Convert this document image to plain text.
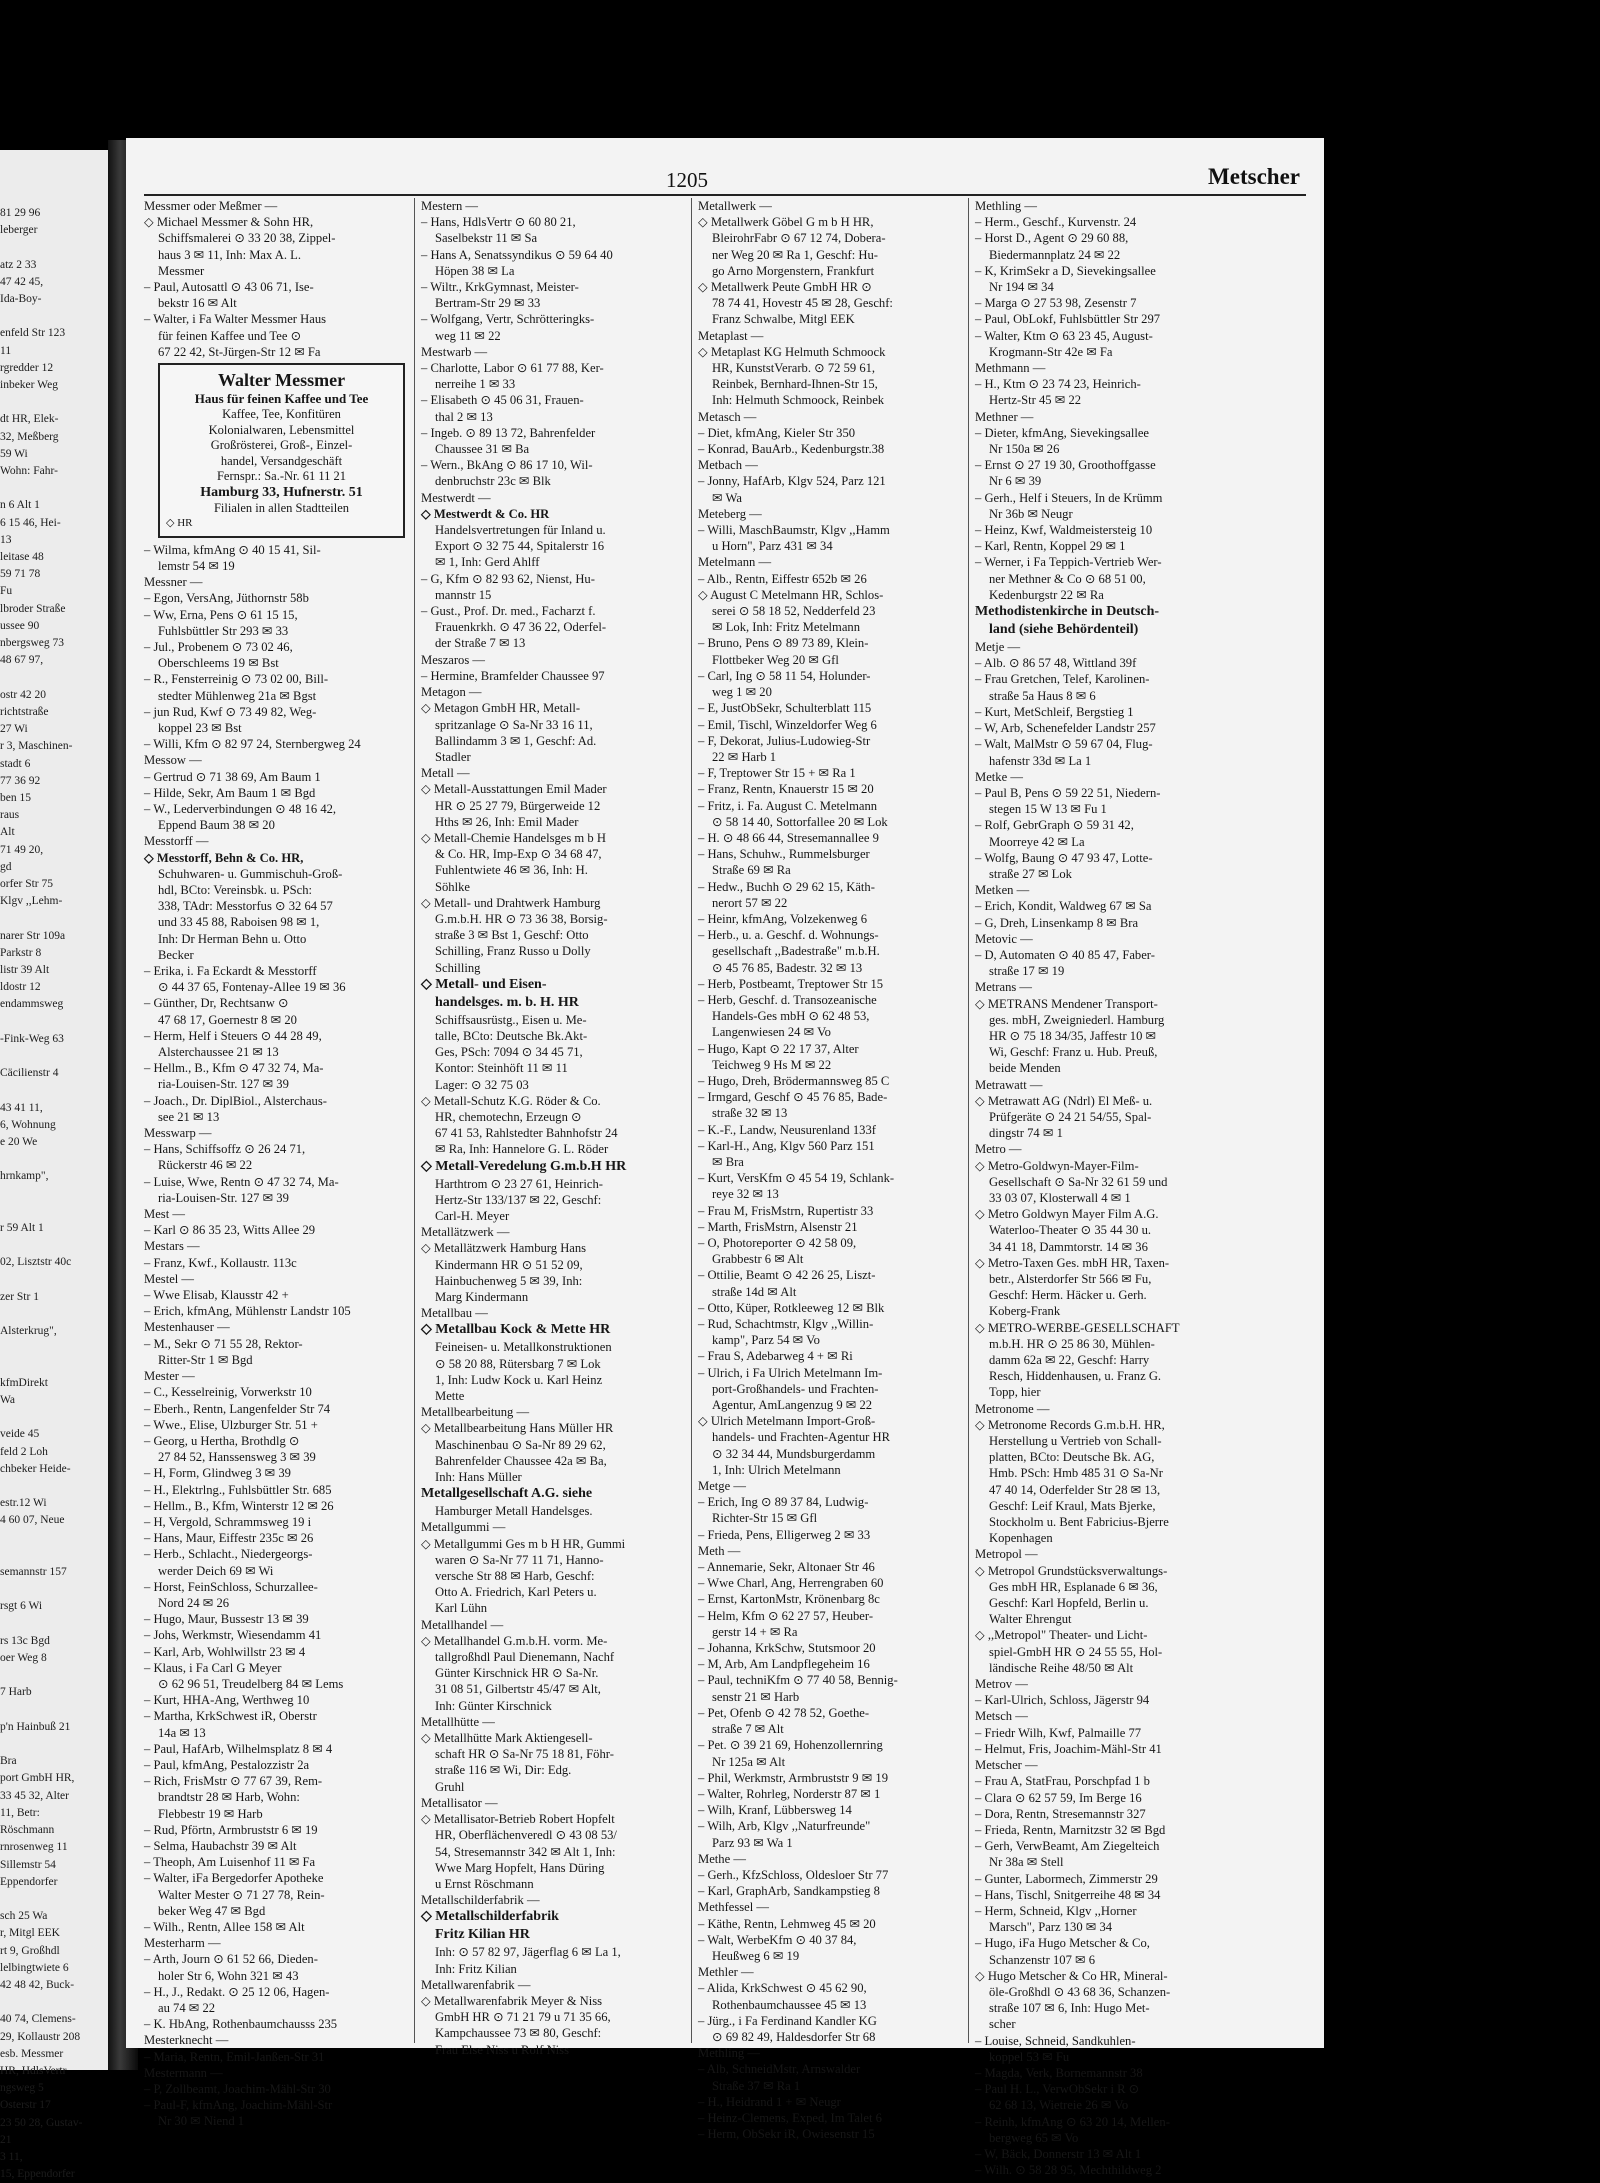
81 29 96
leberger

atz 2 33
47 42 45,
Ida-Boy-

enfeld Str 123
11
rgredder 12
inbeker Weg

dt HR, Elek-
32, Meßberg
59 Wi
Wohn: Fahr-

n 6 Alt 1
6 15 46, Hei-
13
leitase 48
59 71 78
Fu
lbroder Straße
ussee 90
nbergsweg 73
48 67 97,

ostr 42 20
richtstraße
27 Wi
r 3, Maschinen-
stadt 6
77 36 92
ben 15
raus
Alt
71 49 20,
gd
orfer Str 75
Klgv ,,Lehm-

narer Str 109a
Parkstr 8
listr 39 Alt
ldostr 12
endammsweg

-Fink-Weg 63

Cäcilienstr 4

43 41 11,
6, Wohnung
e 20 We

hrnkamp",

r 59 Alt 1

02, Lisztstr 40c

zer Str 1

Alsterkrug",

kfmDirekt
Wa

veide 45
feld 2 Loh
chbeker Heide-

estr.12 Wi
4 60 07, Neue

semannstr 157

rsgt 6 Wi

rs 13c Bgd
oer Weg 8

7 Harb

p'n Hainbuß 21

Bra
port GmbH HR,
33 45 32, Alter
11, Betr:
Röschmann
rnrosenweg 11
Sillemstr 54
Eppendorfer

sch 25 Wa
r, Mitgl EEK
rt 9, Großhdl
lelbingtwiete 6
42 48 42, Buck-

40 74, Clemens-
29, Kollaustr 208
esb. Messmer
HR, HdlsVertr
ngsweg 5
Osterstr 17
23 50 28, Gustav-
21
3 11,
15, Eppendorfer
1205	Metscher
Messmer oder Meßmer —
◇ Michael Messmer & Sohn HR,
Schiffsmalerei ⊙ 33 20 38, Zippel-
haus 3 ✉ 11, Inh: Max A. L.
Messmer
– Paul, Autosattl ⊙ 43 06 71, Ise-
bekstr 16 ✉ Alt
– Walter, i Fa Walter Messmer Haus
für feinen Kaffee und Tee ⊙
67 22 42, St-Jürgen-Str 12 ✉ Fa
Walter Messmer
Haus für feinen Kaffee und Tee
Kaffee, Tee, Konfitüren
Kolonialwaren, Lebensmittel
Großrösterei, Groß-, Einzel-
handel, Versandgeschäft
Fernspr.: Sa.-Nr. 61 11 21
Hamburg 33, Hufnerstr. 51
Filialen in allen Stadtteilen
◇ HR
– Wilma, kfmAng ⊙ 40 15 41, Sil-
lemstr 54 ✉ 19
Messner —
– Egon, VersAng, Jüthornstr 58b
– Ww, Erna, Pens ⊙ 61 15 15,
Fuhlsbüttler Str 293 ✉ 33
– Jul., Probenem ⊙ 73 02 46,
Oberschleems 19 ✉ Bst
– R., Fensterreinig ⊙ 73 02 00, Bill-
stedter Mühlenweg 21a ✉ Bgst
– jun Rud, Kwf ⊙ 73 49 82, Weg-
koppel 23 ✉ Bst
– Willi, Kfm ⊙ 82 97 24, Sternbergweg 24
Messow —
– Gertrud ⊙ 71 38 69, Am Baum 1
– Hilde, Sekr, Am Baum 1 ✉ Bgd
– W., Lederverbindungen ⊙ 48 16 42,
Eppend Baum 38 ✉ 20
Messtorff —
◇ Messtorff, Behn & Co. HR,
Schuhwaren- u. Gummischuh-Groß-
hdl, BCto: Vereinsbk. u. PSch:
338, TAdr: Messtorfus ⊙ 32 64 57
und 33 45 88, Raboisen 98 ✉ 1,
Inh: Dr Herman Behn u. Otto
Becker
– Erika, i. Fa Eckardt & Messtorff
⊙ 44 37 65, Fontenay-Allee 19 ✉ 36
– Günther, Dr, Rechtsanw ⊙
47 68 17, Goernestr 8 ✉ 20
– Herm, Helf i Steuers ⊙ 44 28 49,
Alsterchaussee 21 ✉ 13
– Hellm., B., Kfm ⊙ 47 32 74, Ma-
ria-Louisen-Str. 127 ✉ 39
– Joach., Dr. DiplBiol., Alsterchaus-
see 21 ✉ 13
Messwarp —
– Hans, Schiffsoffz ⊙ 26 24 71,
Rückerstr 46 ✉ 22
– Luise, Wwe, Rentn ⊙ 47 32 74, Ma-
ria-Louisen-Str. 127 ✉ 39
Mest —
– Karl ⊙ 86 35 23, Witts Allee 29
Mestars —
– Franz, Kwf., Kollaustr. 113c
Mestel —
– Wwe Elisab, Klausstr 42 +
– Erich, kfmAng, Mühlenstr Landstr 105
Mestenhauser —
– M., Sekr ⊙ 71 55 28, Rektor-
Ritter-Str 1 ✉ Bgd
Mester —
– C., Kesselreinig, Vorwerkstr 10
– Eberh., Rentn, Langenfelder Str 74
– Wwe., Elise, Ulzburger Str. 51 +
– Georg, u Hertha, Brothdlg ⊙
27 84 52, Hanssensweg 3 ✉ 39
– H, Form, Glindweg 3 ✉ 39
– H., Elektrlng., Fuhlsbüttler Str. 685
– Hellm., B., Kfm, Winterstr 12 ✉ 26
– H, Vergold, Schrammsweg 19 i
– Hans, Maur, Eiffestr 235c ✉ 26
– Herb., Schlacht., Niedergeorgs-
werder Deich 69 ✉ Wi
– Horst, FeinSchloss, Schurzallee-
Nord 24 ✉ 26
– Hugo, Maur, Bussestr 13 ✉ 39
– Johs, Werkmstr, Wiesendamm 41
– Karl, Arb, Wohlwillstr 23 ✉ 4
– Klaus, i Fa Carl G Meyer
⊙ 62 96 51, Treudelberg 84 ✉ Lems
– Kurt, HHA-Ang, Werthweg 10
– Martha, KrkSchwest iR, Oberstr
14a ✉ 13
– Paul, HafArb, Wilhelmsplatz 8 ✉ 4
– Paul, kfmAng, Pestalozzistr 2a
– Rich, FrisMstr ⊙ 77 67 39, Rem-
brandtstr 28 ✉ Harb, Wohn:
Flebbestr 19 ✉ Harb
– Rud, Pförtn, Armbruststr 6 ✉ 19
– Selma, Haubachstr 39 ✉ Alt
– Theoph, Am Luisenhof 11 ✉ Fa
– Walter, iFa Bergedorfer Apotheke
Walter Mester ⊙ 71 27 78, Rein-
beker Weg 47 ✉ Bgd
– Wilh., Rentn, Allee 158 ✉ Alt
Mesterharm —
– Arth, Journ ⊙ 61 52 66, Dieden-
holer Str 6, Wohn 321 ✉ 43
– H., J., Redakt. ⊙ 25 12 06, Hagen-
au 74 ✉ 22
– K. HbAng, Rothenbaumchausss 235
Mesterknecht —
– Maria, Rentn, Emil-Janßen-Str 31
Mestermann —
– P, Zollbeamt, Joachim-Mähl-Str 30
– Paul-F, kfmAng, Joachim-Mähl-Str
Nr 30 ✉ Niend 1
Mestern —
– Hans, HdlsVertr ⊙ 60 80 21,
Saselbekstr 11 ✉ Sa
– Hans A, Senatssyndikus ⊙ 59 64 40
Höpen 38 ✉ La
– Wiltr., KrkGymnast, Meister-
Bertram-Str 29 ✉ 33
– Wolfgang, Vertr, Schrötteringks-
weg 11 ✉ 22
Mestwarb —
– Charlotte, Labor ⊙ 61 77 88, Ker-
nerreihe 1 ✉ 33
– Elisabeth ⊙ 45 06 31, Frauen-
thal 2 ✉ 13
– Ingeb. ⊙ 89 13 72, Bahrenfelder
Chaussee 31 ✉ Ba
– Wern., BkAng ⊙ 86 17 10, Wil-
denbruchstr 23c ✉ Blk
Mestwerdt —
◇ Mestwerdt & Co. HR
Handelsvertretungen für Inland u.
Export ⊙ 32 75 44, Spitalerstr 16
✉ 1, Inh: Gerd Ahlff
– G, Kfm ⊙ 82 93 62, Nienst, Hu-
mannstr 15
– Gust., Prof. Dr. med., Facharzt f.
Frauenkrkh. ⊙ 47 36 22, Oderfel-
der Straße 7 ✉ 13
Meszaros —
– Hermine, Bramfelder Chaussee 97
Metagon —
◇ Metagon GmbH HR, Metall-
spritzanlage ⊙ Sa-Nr 33 16 11,
Ballindamm 3 ✉ 1, Geschf: Ad.
Stadler
Metall —
◇ Metall-Ausstattungen Emil Mader
HR ⊙ 25 27 79, Bürgerweide 12
Hths ✉ 26, Inh: Emil Mader
◇ Metall-Chemie Handelsges m b H
& Co. HR, Imp-Exp ⊙ 34 68 47,
Fuhlentwiete 46 ✉ 36, Inh: H.
Söhlke
◇ Metall- und Drahtwerk Hamburg
G.m.b.H. HR ⊙ 73 36 38, Borsig-
straße 3 ✉ Bst 1, Geschf: Otto
Schilling, Franz Russo u Dolly
Schilling
◇ Metall- und Eisen-
handelsges. m. b. H. HR
Schiffsausrüstg., Eisen u. Me-
talle, BCto: Deutsche Bk.Akt-
Ges, PSch: 7094 ⊙ 34 45 71,
Kontor: Steinhöft 11 ✉ 11
Lager: ⊙ 32 75 03
◇ Metall-Schutz K.G. Röder & Co.
HR, chemotechn, Erzeugn ⊙
67 41 53, Rahlstedter Bahnhofstr 24
✉ Ra, Inh: Hannelore G. L. Röder
◇ Metall-Veredelung G.m.b.H HR
Harthtrom ⊙ 23 27 61, Heinrich-
Hertz-Str 133/137 ✉ 22, Geschf:
Carl-H. Meyer
Metallätzwerk —
◇ Metallätzwerk Hamburg Hans
Kindermann HR ⊙ 51 52 09,
Hainbuchenweg 5 ✉ 39, Inh:
Marg Kindermann
Metallbau —
◇ Metallbau Kock & Mette HR
Feineisen- u. Metallkonstruktionen
⊙ 58 20 88, Rütersbarg 7 ✉ Lok
1, Inh: Ludw Kock u. Karl Heinz
Mette
Metallbearbeitung —
◇ Metallbearbeitung Hans Müller HR
Maschinenbau ⊙ Sa-Nr 89 29 62,
Bahrenfelder Chaussee 42a ✉ Ba,
Inh: Hans Müller
Metallgesellschaft A.G. siehe
Hamburger Metall Handelsges.
Metallgummi —
◇ Metallgummi Ges m b H HR, Gummi
waren ⊙ Sa-Nr 77 11 71, Hanno-
versche Str 88 ✉ Harb, Geschf:
Otto A. Friedrich, Karl Peters u.
Karl Lühn
Metallhandel —
◇ Metallhandel G.m.b.H. vorm. Me-
tallgroßhdl Paul Dienemann, Nachf
Günter Kirschnick HR ⊙ Sa-Nr.
31 08 51, Gilbertstr 45/47 ✉ Alt,
Inh: Günter Kirschnick
Metallhütte —
◇ Metallhütte Mark Aktiengesell-
schaft HR ⊙ Sa-Nr 75 18 81, Föhr-
straße 116 ✉ Wi, Dir: Edg.
Gruhl
Metallisator —
◇ Metallisator-Betrieb Robert Hopfelt
HR, Oberflächenveredl ⊙ 43 08 53/
54, Stresemannstr 342 ✉ Alt 1, Inh:
Wwe Marg Hopfelt, Hans Düring
u Ernst Röschmann
Metallschilderfabrik —
◇ Metallschilderfabrik
Fritz Kilian HR
Inh: ⊙ 57 82 97, Jägerflag 6 ✉ La 1,
Inh: Fritz Kilian
Metallwarenfabrik —
◇ Metallwarenfabrik Meyer & Niss
GmbH HR ⊙ 71 21 79 u 71 35 66,
Kampchaussee 73 ✉ 80, Geschf:
Frau Else Niss u Rolf Niss
Metallwerk —
◇ Metallwerk Göbel G m b H HR,
BleirohrFabr ⊙ 67 12 74, Dobera-
ner Weg 20 ✉ Ra 1, Geschf: Hu-
go Arno Morgenstern, Frankfurt
◇ Metallwerk Peute GmbH HR ⊙
78 74 41, Hovestr 45 ✉ 28, Geschf:
Franz Schwalbe, Mitgl EEK
Metaplast —
◇ Metaplast KG Helmuth Schmoock
HR, KunststVerarb. ⊙ 72 59 61,
Reinbek, Bernhard-Ihnen-Str 15,
Inh: Helmuth Schmoock, Reinbek
Metasch —
– Diet, kfmAng, Kieler Str 350
– Konrad, BauArb., Kedenburgstr.38
Metbach —
– Jonny, HafArb, Klgv 524, Parz 121
✉ Wa
Meteberg —
– Willi, MaschBaumstr, Klgv ,,Hamm
u Horn", Parz 431 ✉ 34
Metelmann —
– Alb., Rentn, Eiffestr 652b ✉ 26
◇ August C Metelmann HR, Schlos-
serei ⊙ 58 18 52, Nedderfeld 23
✉ Lok, Inh: Fritz Metelmann
– Bruno, Pens ⊙ 89 73 89, Klein-
Flottbeker Weg 20 ✉ Gfl
– Carl, Ing ⊙ 58 11 54, Holunder-
weg 1 ✉ 20
– E, JustObSekr, Schulterblatt 115
– Emil, Tischl, Winzeldorfer Weg 6
– F, Dekorat, Julius-Ludowieg-Str
22 ✉ Harb 1
– F, Treptower Str 15 + ✉ Ra 1
– Franz, Rentn, Knauerstr 15 ✉ 20
– Fritz, i. Fa. August C. Metelmann
⊙ 58 14 40, Sottorfallee 20 ✉ Lok
– H. ⊙ 48 66 44, Stresemannallee 9
– Hans, Schuhw., Rummelsburger
Straße 69 ✉ Ra
– Hedw., Buchh ⊙ 29 62 15, Käth-
nerort 57 ✉ 22
– Heinr, kfmAng, Volzekenweg 6
– Herb., u. a. Geschf. d. Wohnungs-
gesellschaft ,,Badestraße" m.b.H.
⊙ 45 76 85, Badestr. 32 ✉ 13
– Herb, Postbeamt, Treptower Str 15
– Herb, Geschf. d. Transozeanische
Handels-Ges mbH ⊙ 62 48 53,
Langenwiesen 24 ✉ Vo
– Hugo, Kapt ⊙ 22 17 37, Alter
Teichweg 9 Hs M ✉ 22
– Hugo, Dreh, Brödermannsweg 85 C
– Irmgard, Geschf ⊙ 45 76 85, Bade-
straße 32 ✉ 13
– K.-F., Landw, Neusurenland 133f
– Karl-H., Ang, Klgv 560 Parz 151
✉ Bra
– Kurt, VersKfm ⊙ 45 54 19, Schlank-
reye 32 ✉ 13
– Frau M, FrisMstrn, Rupertistr 33
– Marth, FrisMstrn, Alsenstr 21
– O, Photoreporter ⊙ 42 58 09,
Grabbestr 6 ✉ Alt
– Ottilie, Beamt ⊙ 42 26 25, Liszt-
straße 14d ✉ Alt
– Otto, Küper, Rotkleeweg 12 ✉ Blk
– Rud, Schachtmstr, Klgv ,,Willin-
kamp", Parz 54 ✉ Vo
– Frau S, Adebarweg 4 + ✉ Ri
– Ulrich, i Fa Ulrich Metelmann Im-
port-Großhandels- und Frachten-
Agentur, AmLangenzug 9 ✉ 22
◇ Ulrich Metelmann Import-Groß-
handels- und Frachten-Agentur HR
⊙ 32 34 44, Mundsburgerdamm
1, Inh: Ulrich Metelmann
Metge —
– Erich, Ing ⊙ 89 37 84, Ludwig-
Richter-Str 15 ✉ Gfl
– Frieda, Pens, Elligerweg 2 ✉ 33
Meth —
– Annemarie, Sekr, Altonaer Str 46
– Wwe Charl, Ang, Herrengraben 60
– Ernst, KartonMstr, Krönenbarg 8c
– Helm, Kfm ⊙ 62 27 57, Heuber-
gerstr 14 + ✉ Ra
– Johanna, KrkSchw, Stutsmoor 20
– M, Arb, Am Landpflegeheim 16
– Paul, techniKfm ⊙ 77 40 58, Bennig-
senstr 21 ✉ Harb
– Pet, Ofenb ⊙ 42 78 52, Goethe-
straße 7 ✉ Alt
– Pet. ⊙ 39 21 69, Hohenzollernring
Nr 125a ✉ Alt
– Phil, Werkmstr, Armbruststr 9 ✉ 19
– Walter, Rohrleg, Norderstr 87 ✉ 1
– Wilh, Kranf, Lübbersweg 14
– Wilh, Arb, Klgv ,,Naturfreunde"
Parz 93 ✉ Wa 1
Methe —
– Gerh., KfzSchloss, Oldesloer Str 77
– Karl, GraphArb, Sandkampstieg 8
Methfessel —
– Käthe, Rentn, Lehmweg 45 ✉ 20
– Walt, WerbeKfm ⊙ 40 37 84,
Heußweg 6 ✉ 19
Methler —
– Alida, KrkSchwest ⊙ 45 62 90,
Rothenbaumchaussee 45 ✉ 13
– Jürg., i Fa Ferdinand Kandler KG
⊙ 69 82 49, Haldesdorfer Str 68
Methling —
– Alb, SchneidMstr, Arnswalder
Straße 37 ✉ Ra 1
– H., Heidrand 1 + ✉ Neugr
– Heinz-Clemens, Exped, Im Talet 6
– Herm, ObSekr iR, Owiesenstr 15
Methling —
– Herm., Geschf., Kurvenstr. 24
– Horst D., Agent ⊙ 29 60 88,
Biedermannplatz 24 ✉ 22
– K, KrimSekr a D, Sievekingsallee
Nr 194 ✉ 34
– Marga ⊙ 27 53 98, Zesenstr 7
– Paul, ObLokf, Fuhlsbüttler Str 297
– Walter, Ktm ⊙ 63 23 45, August-
Krogmann-Str 42e ✉ Fa
Methmann —
– H., Ktm ⊙ 23 74 23, Heinrich-
Hertz-Str 45 ✉ 22
Methner —
– Dieter, kfmAng, Sievekingsallee
Nr 150a ✉ 26
– Ernst ⊙ 27 19 30, Groothoffgasse
Nr 6 ✉ 39
– Gerh., Helf i Steuers, In de Krümm
Nr 36b ✉ Neugr
– Heinz, Kwf, Waldmeistersteig 10
– Karl, Rentn, Koppel 29 ✉ 1
– Werner, i Fa Teppich-Vertrieb Wer-
ner Methner & Co ⊙ 68 51 00,
Kedenburgstr 22 ✉ Ra
Methodistenkirche in Deutsch-
land (siehe Behördenteil)
Metje —
– Alb. ⊙ 86 57 48, Wittland 39f
– Frau Gretchen, Telef, Karolinen-
straße 5a Haus 8 ✉ 6
– Kurt, MetSchleif, Bergstieg 1
– W, Arb, Schenefelder Landstr 257
– Walt, MalMstr ⊙ 59 67 04, Flug-
hafenstr 33d ✉ La 1
Metke —
– Paul B, Pens ⊙ 59 22 51, Niedern-
stegen 15 W 13 ✉ Fu 1
– Rolf, GebrGraph ⊙ 59 31 42,
Moorreye 42 ✉ La
– Wolfg, Baung ⊙ 47 93 47, Lotte-
straße 27 ✉ Lok
Metken —
– Erich, Kondit, Waldweg 67 ✉ Sa
– G, Dreh, Linsenkamp 8 ✉ Bra
Metovic —
– D, Automaten ⊙ 40 85 47, Faber-
straße 17 ✉ 19
Metrans —
◇ METRANS Mendener Transport-
ges. mbH, Zweigniederl. Hamburg
HR ⊙ 75 18 34/35, Jaffestr 10 ✉
Wi, Geschf: Franz u. Hub. Preuß,
beide Menden
Metrawatt —
◇ Metrawatt AG (Ndrl) El Meß- u.
Prüfgeräte ⊙ 24 21 54/55, Spal-
dingstr 74 ✉ 1
Metro —
◇ Metro-Goldwyn-Mayer-Film-
Gesellschaft ⊙ Sa-Nr 32 61 59 und
33 03 07, Klosterwall 4 ✉ 1
◇ Metro Goldwyn Mayer Film A.G.
Waterloo-Theater ⊙ 35 44 30 u.
34 41 18, Dammtorstr. 14 ✉ 36
◇ Metro-Taxen Ges. mbH HR, Taxen-
betr., Alsterdorfer Str 566 ✉ Fu,
Geschf: Herm. Häcker u. Gerh.
Koberg-Frank
◇ METRO-WERBE-GESELLSCHAFT
m.b.H. HR ⊙ 25 86 30, Mühlen-
damm 62a ✉ 22, Geschf: Harry
Resch, Hiddenhausen, u. Franz G.
Topp, hier
Metronome —
◇ Metronome Records G.m.b.H. HR,
Herstellung u Vertrieb von Schall-
platten, BCto: Deutsche Bk. AG,
Hmb. PSch: Hmb 485 31 ⊙ Sa-Nr
47 40 14, Oderfelder Str 28 ✉ 13,
Geschf: Leif Kraul, Mats Bjerke,
Stockholm u. Bent Fabricius-Bjerre
Kopenhagen
Metropol —
◇ Metropol Grundstücksverwaltungs-
Ges mbH HR, Esplanade 6 ✉ 36,
Geschf: Karl Hopfeld, Berlin u.
Walter Ehrengut
◇ ,,Metropol" Theater- und Licht-
spiel-GmbH HR ⊙ 24 55 55, Hol-
ländische Reihe 48/50 ✉ Alt
Metrov —
– Karl-Ulrich, Schloss, Jägerstr 94
Metsch —
– Friedr Wilh, Kwf, Palmaille 77
– Helmut, Fris, Joachim-Mähl-Str 41
Metscher —
– Frau A, StatFrau, Porschpfad 1 b
– Clara ⊙ 62 57 59, Im Berge 16
– Dora, Rentn, Stresemannstr 327
– Frieda, Rentn, Marnitzstr 32 ✉ Bgd
– Gerh, VerwBeamt, Am Ziegelteich
Nr 38a ✉ Stell
– Gunter, Labormech, Zimmerstr 29
– Hans, Tischl, Snitgerreihe 48 ✉ 34
– Herm, Schneid, Klgv ,,Horner
Marsch", Parz 130 ✉ 34
– Hugo, iFa Hugo Metscher & Co,
Schanzenstr 107 ✉ 6
◇ Hugo Metscher & Co HR, Mineral-
öle-Großhdl ⊙ 43 68 36, Schanzen-
straße 107 ✉ 6, Inh: Hugo Met-
scher
– Louise, Schneid, Sandkuhlen-
koppel 53 ✉ Fu
– Magda, Verk, Bornemannstr 38
– Paul H. L., VerwObSekr i R ⊙
62 68 13, Wietreie 26 ✉ Vo
– Reinh, kfmAng ⊙ 63 20 14, Mellen-
bergweg 65 ✉ Vo
– W, Bäck, Donnerstr 13 ✉ Alt 1
– Wilh. ⊙ 58 28 95, Mechthildweg 2
